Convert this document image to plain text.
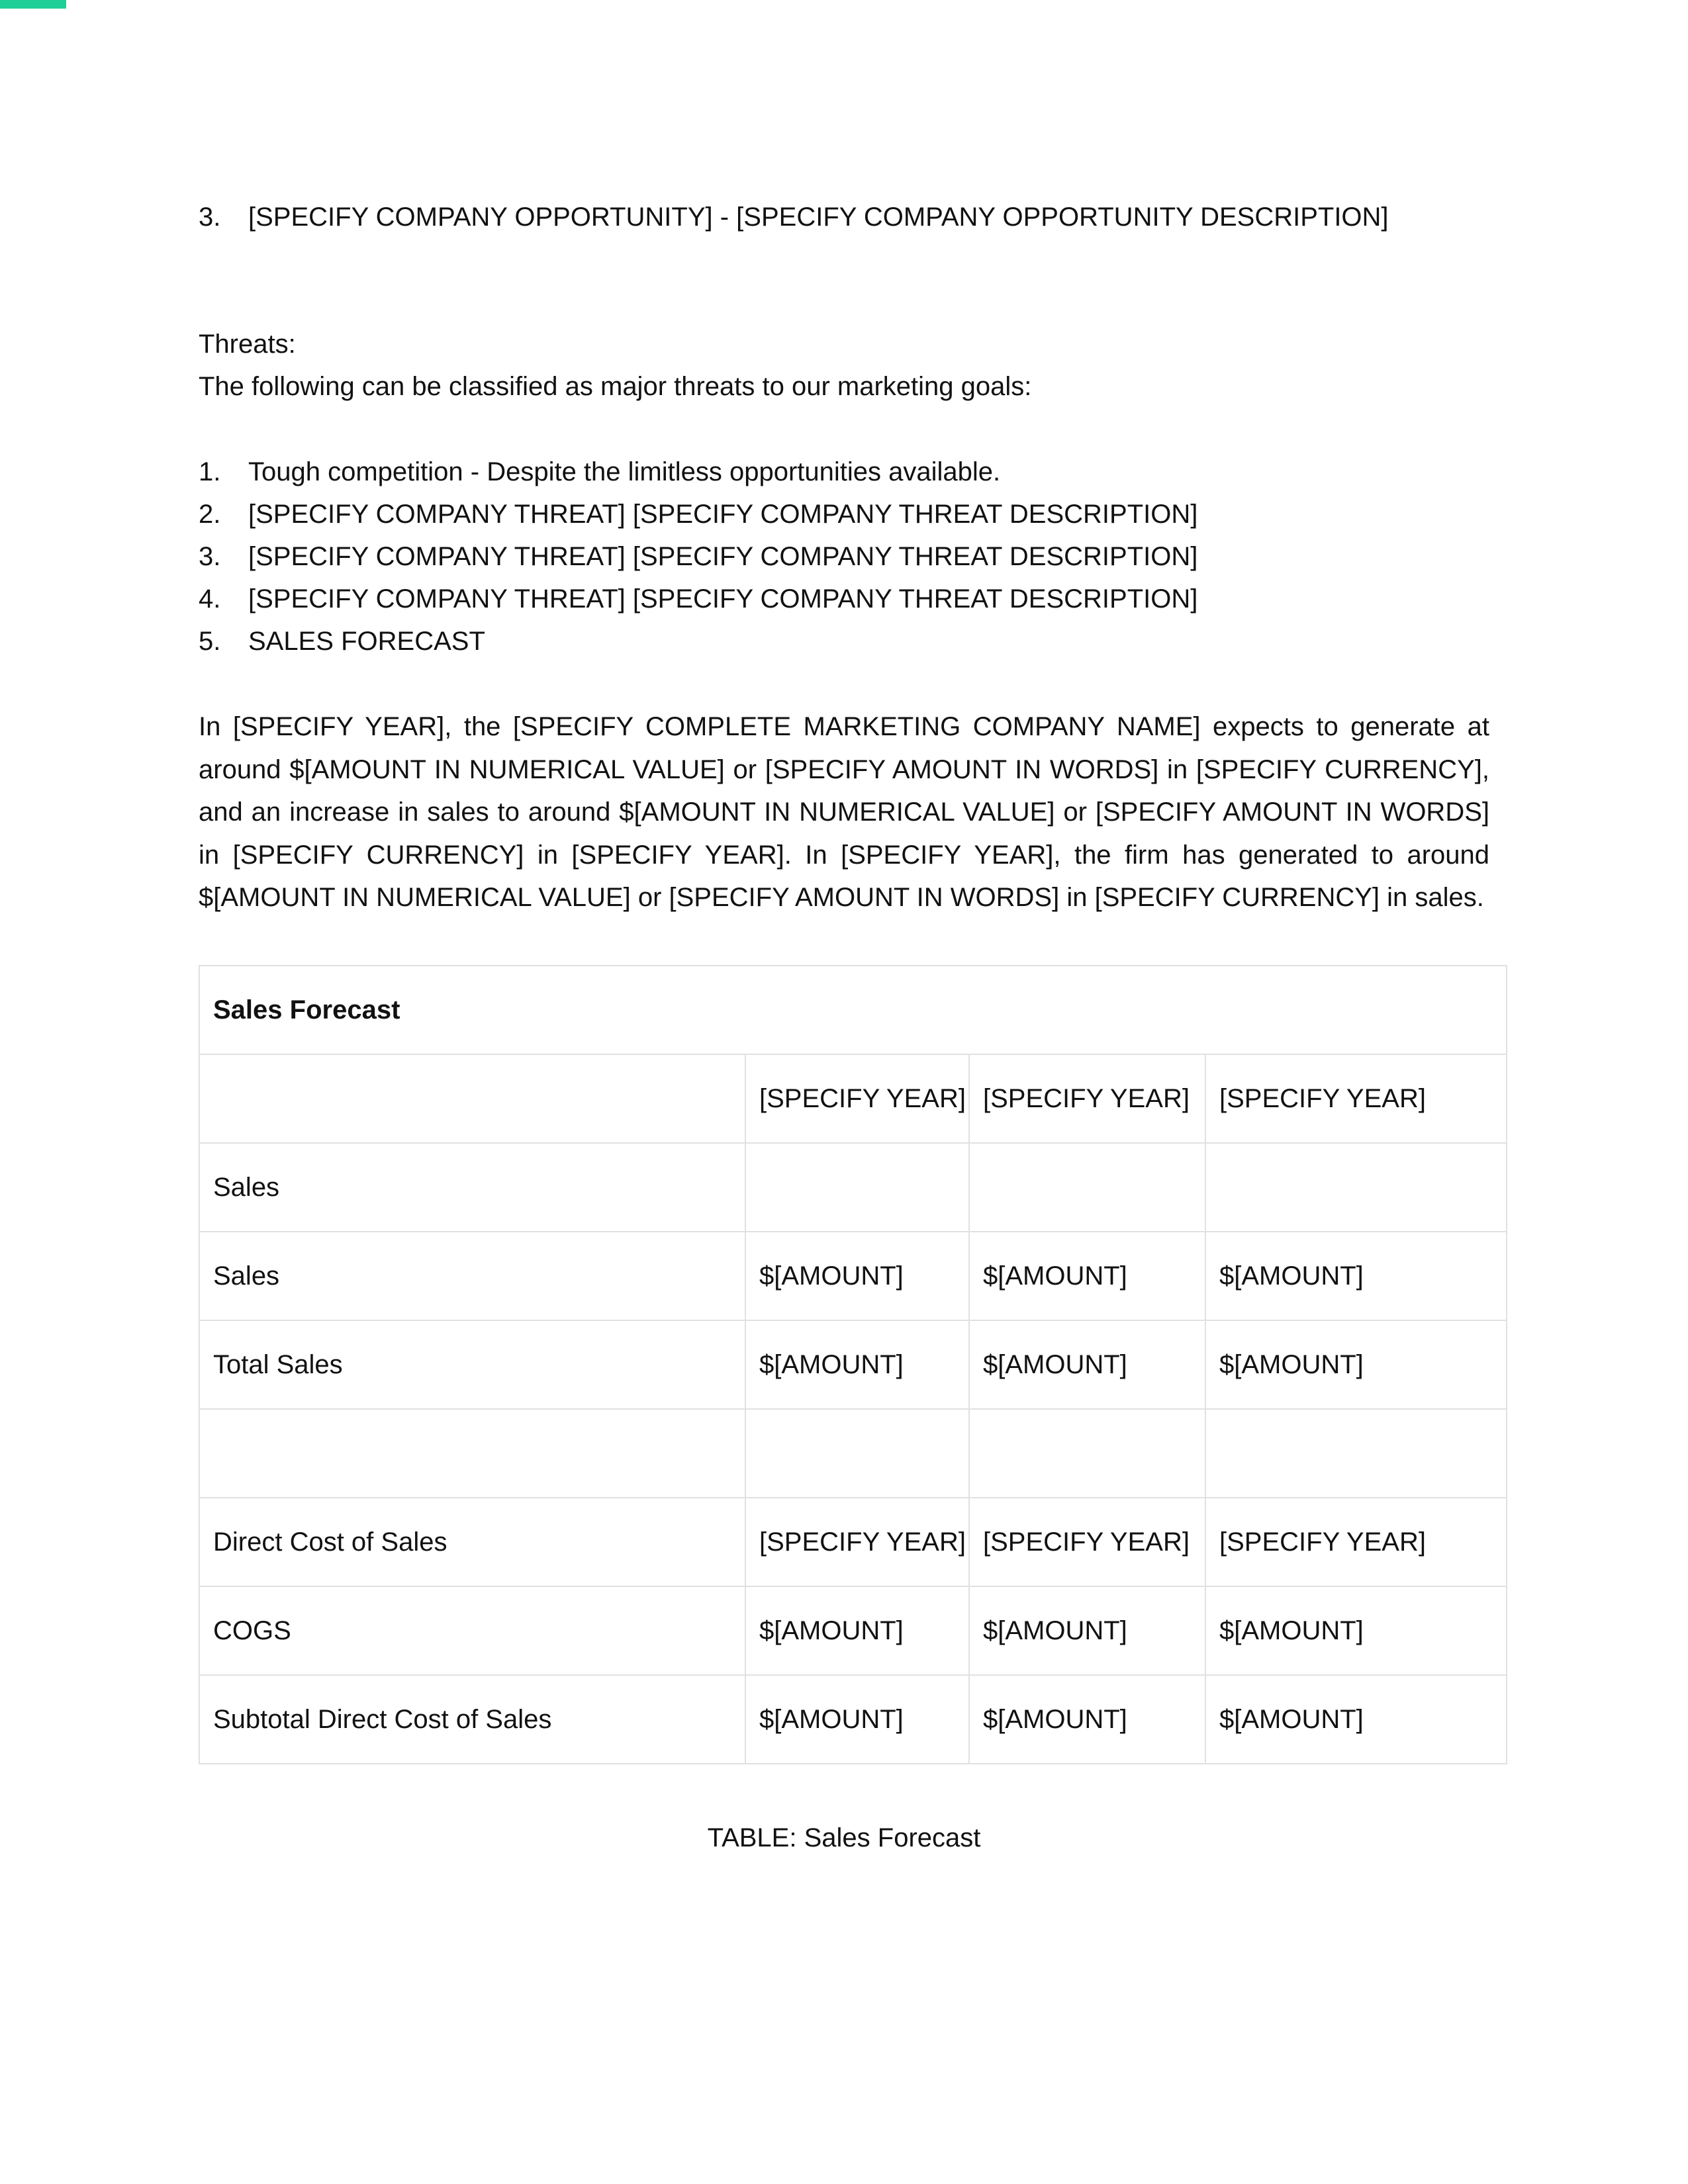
3. [SPECIFY COMPANY OPPORTUNITY] - [SPECIFY COMPANY OPPORTUNITY DESCRIPTION]
Threats:
The following can be classified as major threats to our marketing goals:
1. Tough competition - Despite the limitless opportunities available.
2. [SPECIFY COMPANY THREAT] [SPECIFY COMPANY THREAT DESCRIPTION]
3. [SPECIFY COMPANY THREAT] [SPECIFY COMPANY THREAT DESCRIPTION]
4. [SPECIFY COMPANY THREAT] [SPECIFY COMPANY THREAT DESCRIPTION]
5. SALES FORECAST
In [SPECIFY YEAR], the [SPECIFY COMPLETE MARKETING COMPANY NAME] expects to generate at around $[AMOUNT IN NUMERICAL VALUE] or [SPECIFY AMOUNT IN WORDS] in [SPECIFY CURRENCY], and an increase in sales to around $[AMOUNT IN NUMERICAL VALUE] or [SPECIFY AMOUNT IN WORDS] in [SPECIFY CURRENCY] in [SPECIFY YEAR]. In [SPECIFY YEAR], the firm has generated to around $[AMOUNT IN NUMERICAL VALUE] or [SPECIFY AMOUNT IN WORDS] in [SPECIFY CURRENCY] in sales.
Sales Forecast			
	[SPECIFY YEAR]	[SPECIFY YEAR]	[SPECIFY YEAR]
Sales			
Sales	$[AMOUNT]	$[AMOUNT]	$[AMOUNT]
Total Sales	$[AMOUNT]	$[AMOUNT]	$[AMOUNT]

Direct Cost of Sales	[SPECIFY YEAR]	[SPECIFY YEAR]	[SPECIFY YEAR]
COGS	$[AMOUNT]	$[AMOUNT]	$[AMOUNT]
Subtotal Direct Cost of Sales	$[AMOUNT]	$[AMOUNT]	$[AMOUNT]
TABLE: Sales Forecast
